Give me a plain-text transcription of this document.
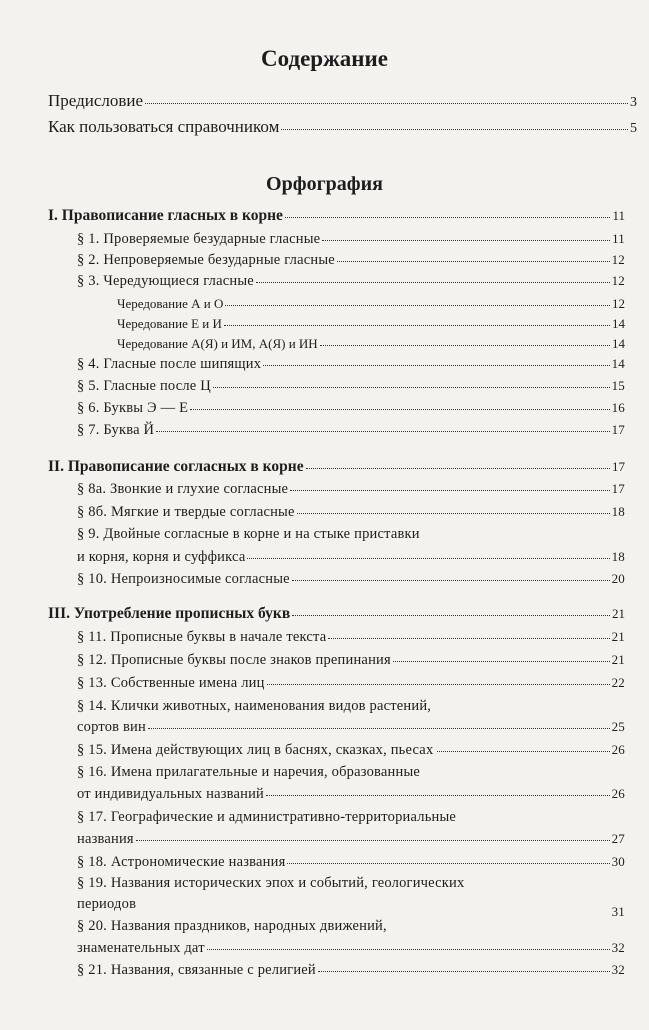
Содержание
Предисловие	3
Как пользоваться справочником	5
Орфография
I. Правописание гласных в корне	11
§ 1. Проверяемые безударные гласные	11
§ 2. Непроверяемые безударные гласные	12
§ 3. Чередующиеся гласные	12
Чередование А и О	12
Чередование Е и И	14
Чередование А(Я) и ИМ, А(Я) и ИН	14
§ 4. Гласные после шипящих	14
§ 5. Гласные после Ц	15
§ 6. Буквы Э — Е	16
§ 7. Буква Й	17
II. Правописание согласных в корне	17
§ 8а. Звонкие и глухие согласные	17
§ 8б. Мягкие и твердые согласные	18
§ 9. Двойные согласные в корне и на стыке приставки
и корня, корня и суффикса	18
§ 10. Непроизносимые согласные	20
III. Употребление прописных букв	21
§ 11. Прописные буквы в начале текста	21
§ 12. Прописные буквы после знаков препинания	21
§ 13. Собственные имена лиц	22
§ 14. Клички животных, наименования видов растений,
сортов вин	25
§ 15. Имена действующих лиц в баснях, сказках, пьесах	26
§ 16. Имена прилагательные и наречия, образованные
от индивидуальных названий	26
§ 17. Географические и административно-территориальные
названия	27
§ 18. Астрономические названия	30
§ 19. Названия исторических эпох и событий, геологических
периодов	31
§ 20. Названия праздников, народных движений,
знаменательных дат	32
§ 21. Названия, связанные с религией	32
